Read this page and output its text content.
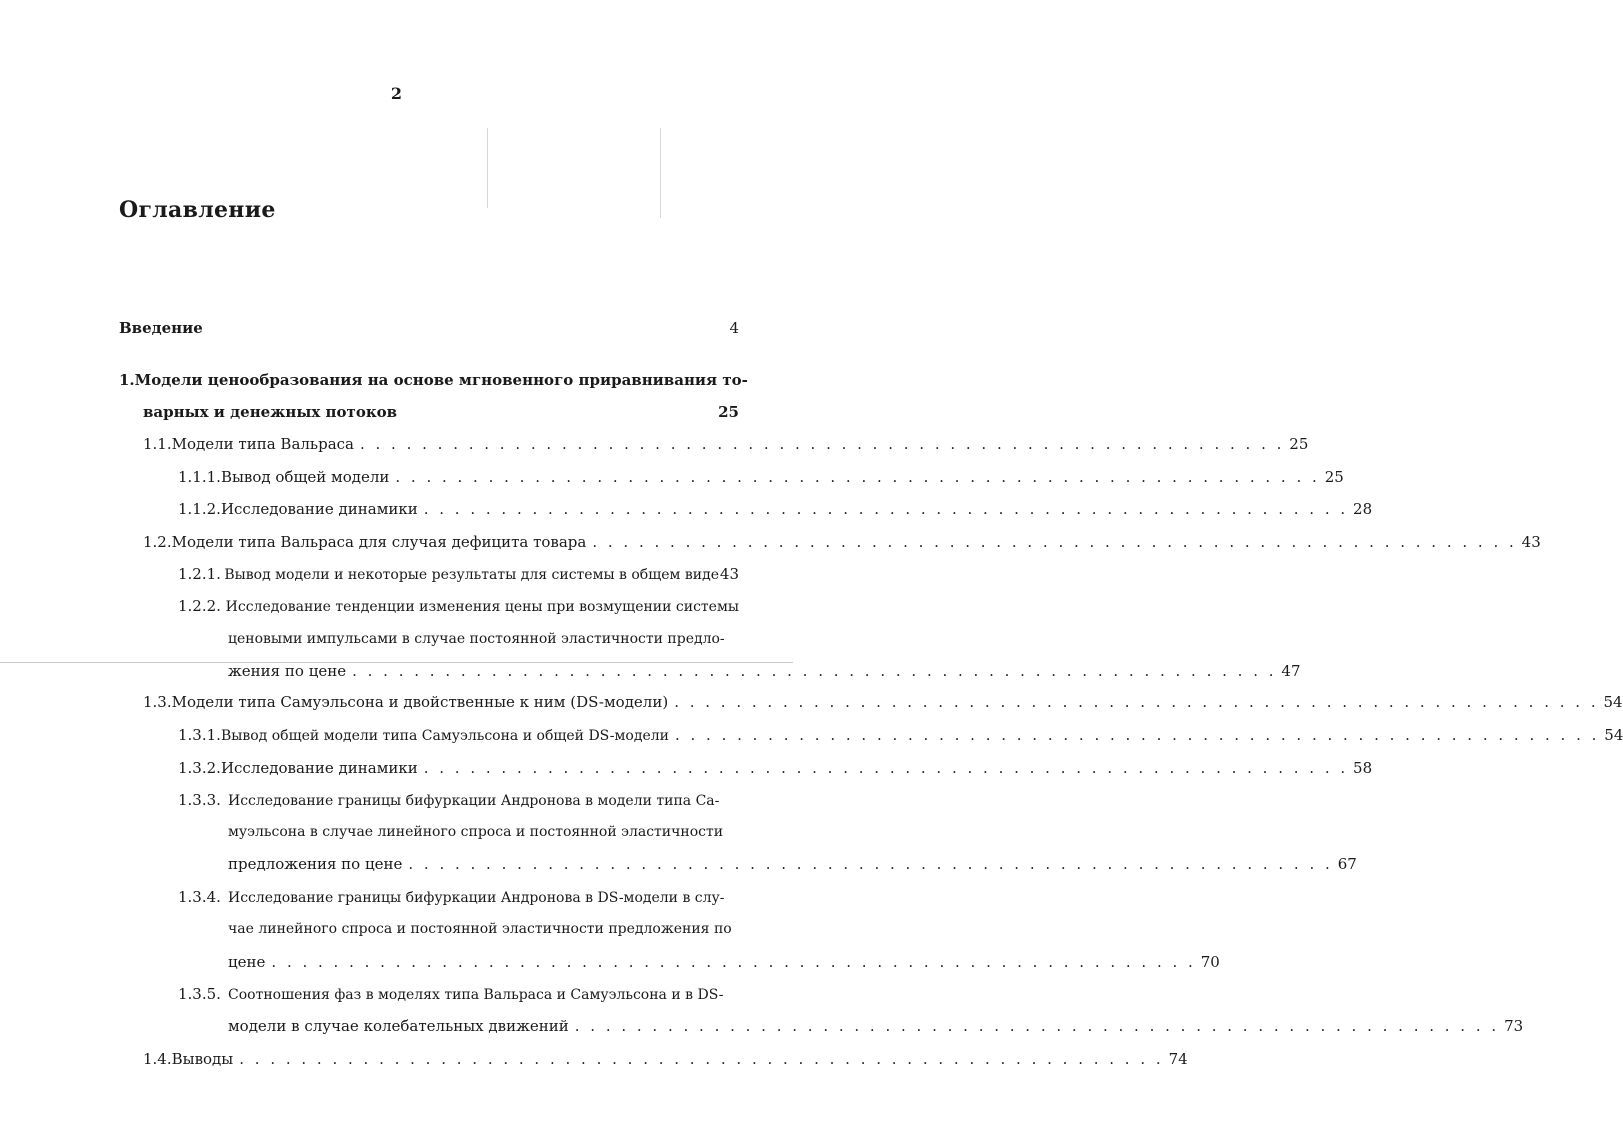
2
Оглавление
Введение	4
1. Модели ценообразования на основе мгновенного приравнивания то-
варных и денежных потоков	25
1.1. Модели типа Вальраса . . . . . . . . . . . . . . . . . . . . . . . . . . . . . . . . . . . . . . . . . . . . . . . . . . . . . . . . . . . . 25
1.1.1. Вывод общей модели . . . . . . . . . . . . . . . . . . . . . . . . . . . . . . . . . . . . . . . . . . . . . . . . . . . . . . . . . . . . 25
1.1.2. Исследование динамики . . . . . . . . . . . . . . . . . . . . . . . . . . . . . . . . . . . . . . . . . . . . . . . . . . . . . . . . . . . . 28
1.2. Модели типа Вальраса для случая дефицита товара . . . . . . . . . . . . . . . . . . . . . . . . . . . . . . . . . . . . . . . . . . . . . . . . . . . . . . . . . . . . 43
1.2.1. Вывод модели и некоторые результаты для системы в общем виде 43
1.2.2. Исследование тенденции изменения цены при возмущении системы
ценовыми импульсами в случае постоянной эластичности предло-
жения по цене . . . . . . . . . . . . . . . . . . . . . . . . . . . . . . . . . . . . . . . . . . . . . . . . . . . . . . . . . . . . 47
1.3. Модели типа Самуэльсона и двойственные к ним (DS-модели) . . . . . . . . . . . . . . . . . . . . . . . . . . . . . . . . . . . . . . . . . . . . . . . . . . . . . . . . . . . . 54
1.3.1. Вывод общей модели типа Самуэльсона и общей DS-модели . . . . . . . . . . . . . . . . . . . . . . . . . . . . . . . . . . . . . . . . . . . . . . . . . . . . . . . . . . . . 54
1.3.2. Исследование динамики . . . . . . . . . . . . . . . . . . . . . . . . . . . . . . . . . . . . . . . . . . . . . . . . . . . . . . . . . . . . 58
1.3.3. Исследование границы бифуркации Андронова в модели типа Са-
муэльсона в случае линейного спроса и постоянной эластичности
предложения по цене . . . . . . . . . . . . . . . . . . . . . . . . . . . . . . . . . . . . . . . . . . . . . . . . . . . . . . . . . . . . 67
1.3.4. Исследование границы бифуркации Андронова в DS-модели в слу-
чае линейного спроса и постоянной эластичности предложения по
цене . . . . . . . . . . . . . . . . . . . . . . . . . . . . . . . . . . . . . . . . . . . . . . . . . . . . . . . . . . . . 70
1.3.5. Соотношения фаз в моделях типа Вальраса и Самуэльсона и в DS-
модели в случае колебательных движений . . . . . . . . . . . . . . . . . . . . . . . . . . . . . . . . . . . . . . . . . . . . . . . . . . . . . . . . . . . . 73
1.4. Выводы . . . . . . . . . . . . . . . . . . . . . . . . . . . . . . . . . . . . . . . . . . . . . . . . . . . . . . . . . . . . 74
